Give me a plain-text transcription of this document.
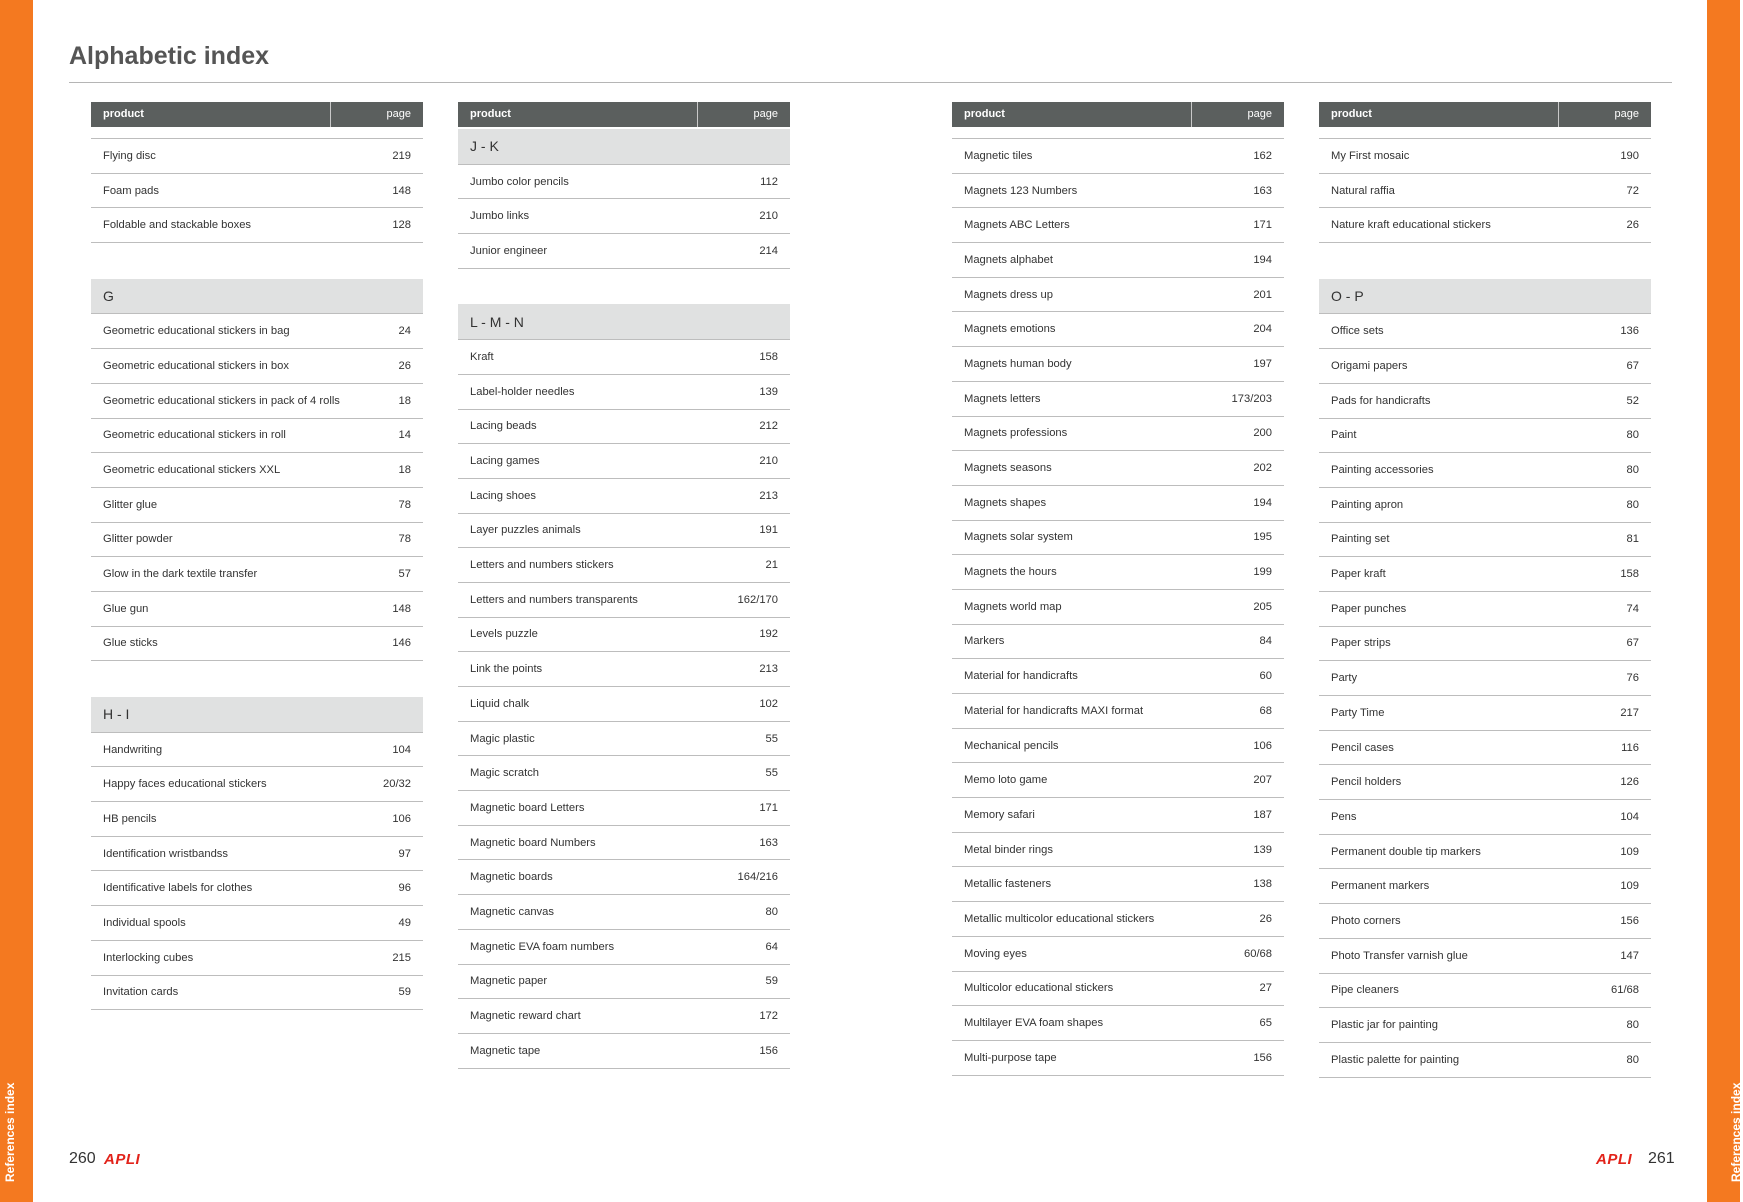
References index	References index
Alphabetic index
product	page
Flying disc	219
Foam pads	148
Foldable and stackable boxes	128
G
Geometric educational stickers in bag	24
Geometric educational stickers in box	26
Geometric educational stickers in pack of 4 rolls	18
Geometric educational stickers in roll	14
Geometric educational stickers XXL	18
Glitter glue	78
Glitter powder	78
Glow in the dark textile transfer	57
Glue gun	148
Glue sticks	146
H - I
Handwriting	104
Happy faces educational stickers	20/32
HB pencils	106
Identification wristbandss	97
Identificative labels for clothes	96
Individual spools	49
Interlocking cubes	215
Invitation cards	59
product	page
J - K
Jumbo color pencils	112
Jumbo links	210
Junior engineer	214
L - M - N
Kraft	158
Label-holder needles	139
Lacing beads	212
Lacing games	210
Lacing shoes	213
Layer puzzles animals	191
Letters and numbers stickers	21
Letters and numbers transparents	162/170
Levels puzzle	192
Link the points	213
Liquid chalk	102
Magic plastic	55
Magic scratch	55
Magnetic board Letters	171
Magnetic board Numbers	163
Magnetic boards	164/216
Magnetic canvas	80
Magnetic EVA foam numbers	64
Magnetic paper	59
Magnetic reward chart	172
Magnetic tape	156
product	page
Magnetic tiles	162
Magnets 123 Numbers	163
Magnets ABC Letters	171
Magnets alphabet	194
Magnets dress up	201
Magnets emotions	204
Magnets human body	197
Magnets letters	173/203
Magnets professions	200
Magnets seasons	202
Magnets shapes	194
Magnets solar system	195
Magnets the hours	199
Magnets world map	205
Markers	84
Material for handicrafts	60
Material for handicrafts MAXI format	68
Mechanical pencils	106
Memo loto game	207
Memory safari	187
Metal binder rings	139
Metallic fasteners	138
Metallic multicolor educational stickers	26
Moving eyes	60/68
Multicolor educational stickers	27
Multilayer EVA foam shapes	65
Multi-purpose tape	156
product	page
My First mosaic	190
Natural raffia	72
Nature kraft educational stickers	26
O - P
Office sets	136
Origami papers	67
Pads for handicrafts	52
Paint	80
Painting accessories	80
Painting apron	80
Painting set	81
Paper kraft	158
Paper punches	74
Paper strips	67
Party	76
Party Time	217
Pencil cases	116
Pencil holders	126
Pens	104
Permanent double tip markers	109
Permanent markers	109
Photo corners	156
Photo Transfer varnish glue	147
Pipe cleaners	61/68
Plastic jar for painting	80
Plastic palette for painting	80
260 APLI	APLI 261
